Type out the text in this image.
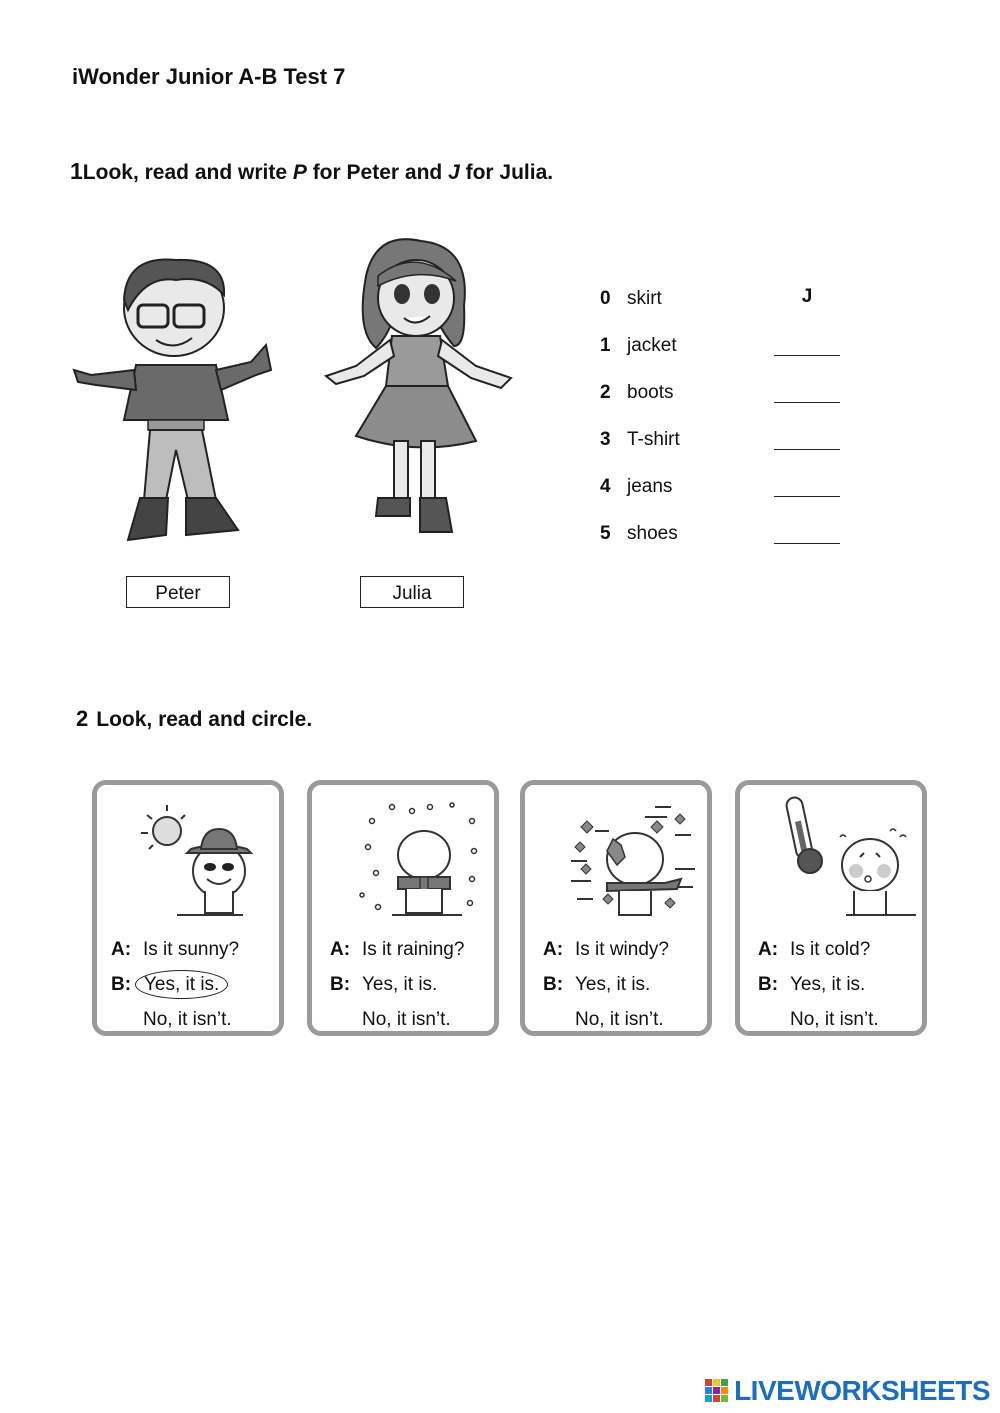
iWonder Junior A-B Test 7
1Look, read and write P for Peter and J for Julia.
Peter	Julia
0 skirt	J
1 jacket
2 boots
3 T-shirt
4 jeans
5 shoes
2 Look, read and circle.
A: Is it sunny?
B: Yes, it is.
No, it isn’t.
A: Is it raining?
B: Yes, it is.
No, it isn’t.
A: Is it windy?
B: Yes, it is.
No, it isn’t.
A: Is it cold?
B: Yes, it is.
No, it isn’t.
LIVEWORKSHEETS
